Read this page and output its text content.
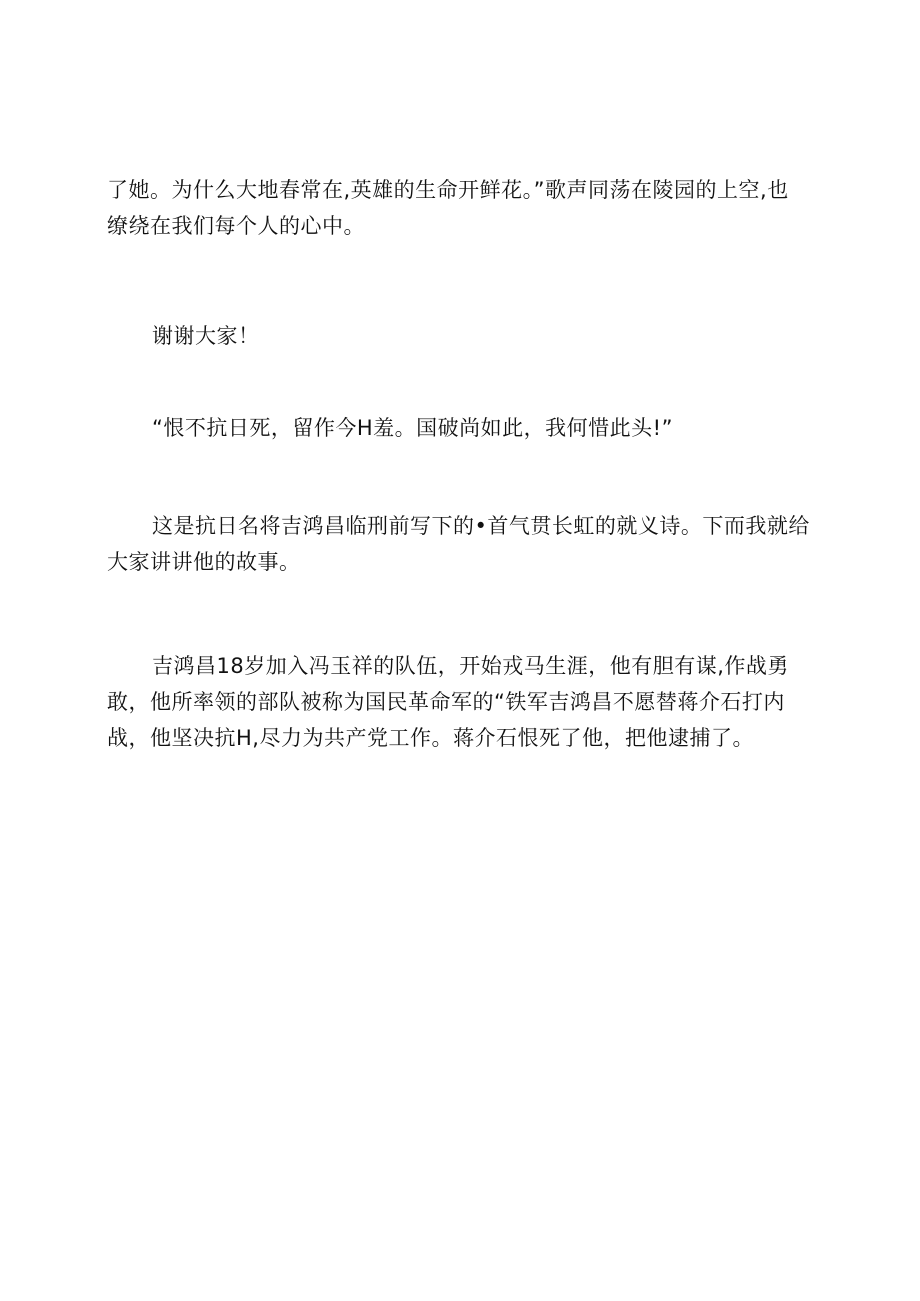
了她。为什么大地春常在,英雄的生命开鲜花。”歌声同荡在陵园的上空,也
缭绕在我们每个人的心中。
谢谢大家！
“恨不抗日死，留作今H羞。国破尚如此，我何惜此头!”
这是抗日名将吉鸿昌临刑前写下的•首气贯长虹的就义诗。下而我就给
大家讲讲他的故事。
吉鸿昌18岁加入冯玉祥的队伍，开始戎马生涯，他有胆有谋,作战勇
敢，他所率领的部队被称为国民革命军的“铁军吉鸿昌不愿替蒋介石打内
战，他坚决抗H,尽力为共产党工作。蒋介石恨死了他，把他逮捕了。
